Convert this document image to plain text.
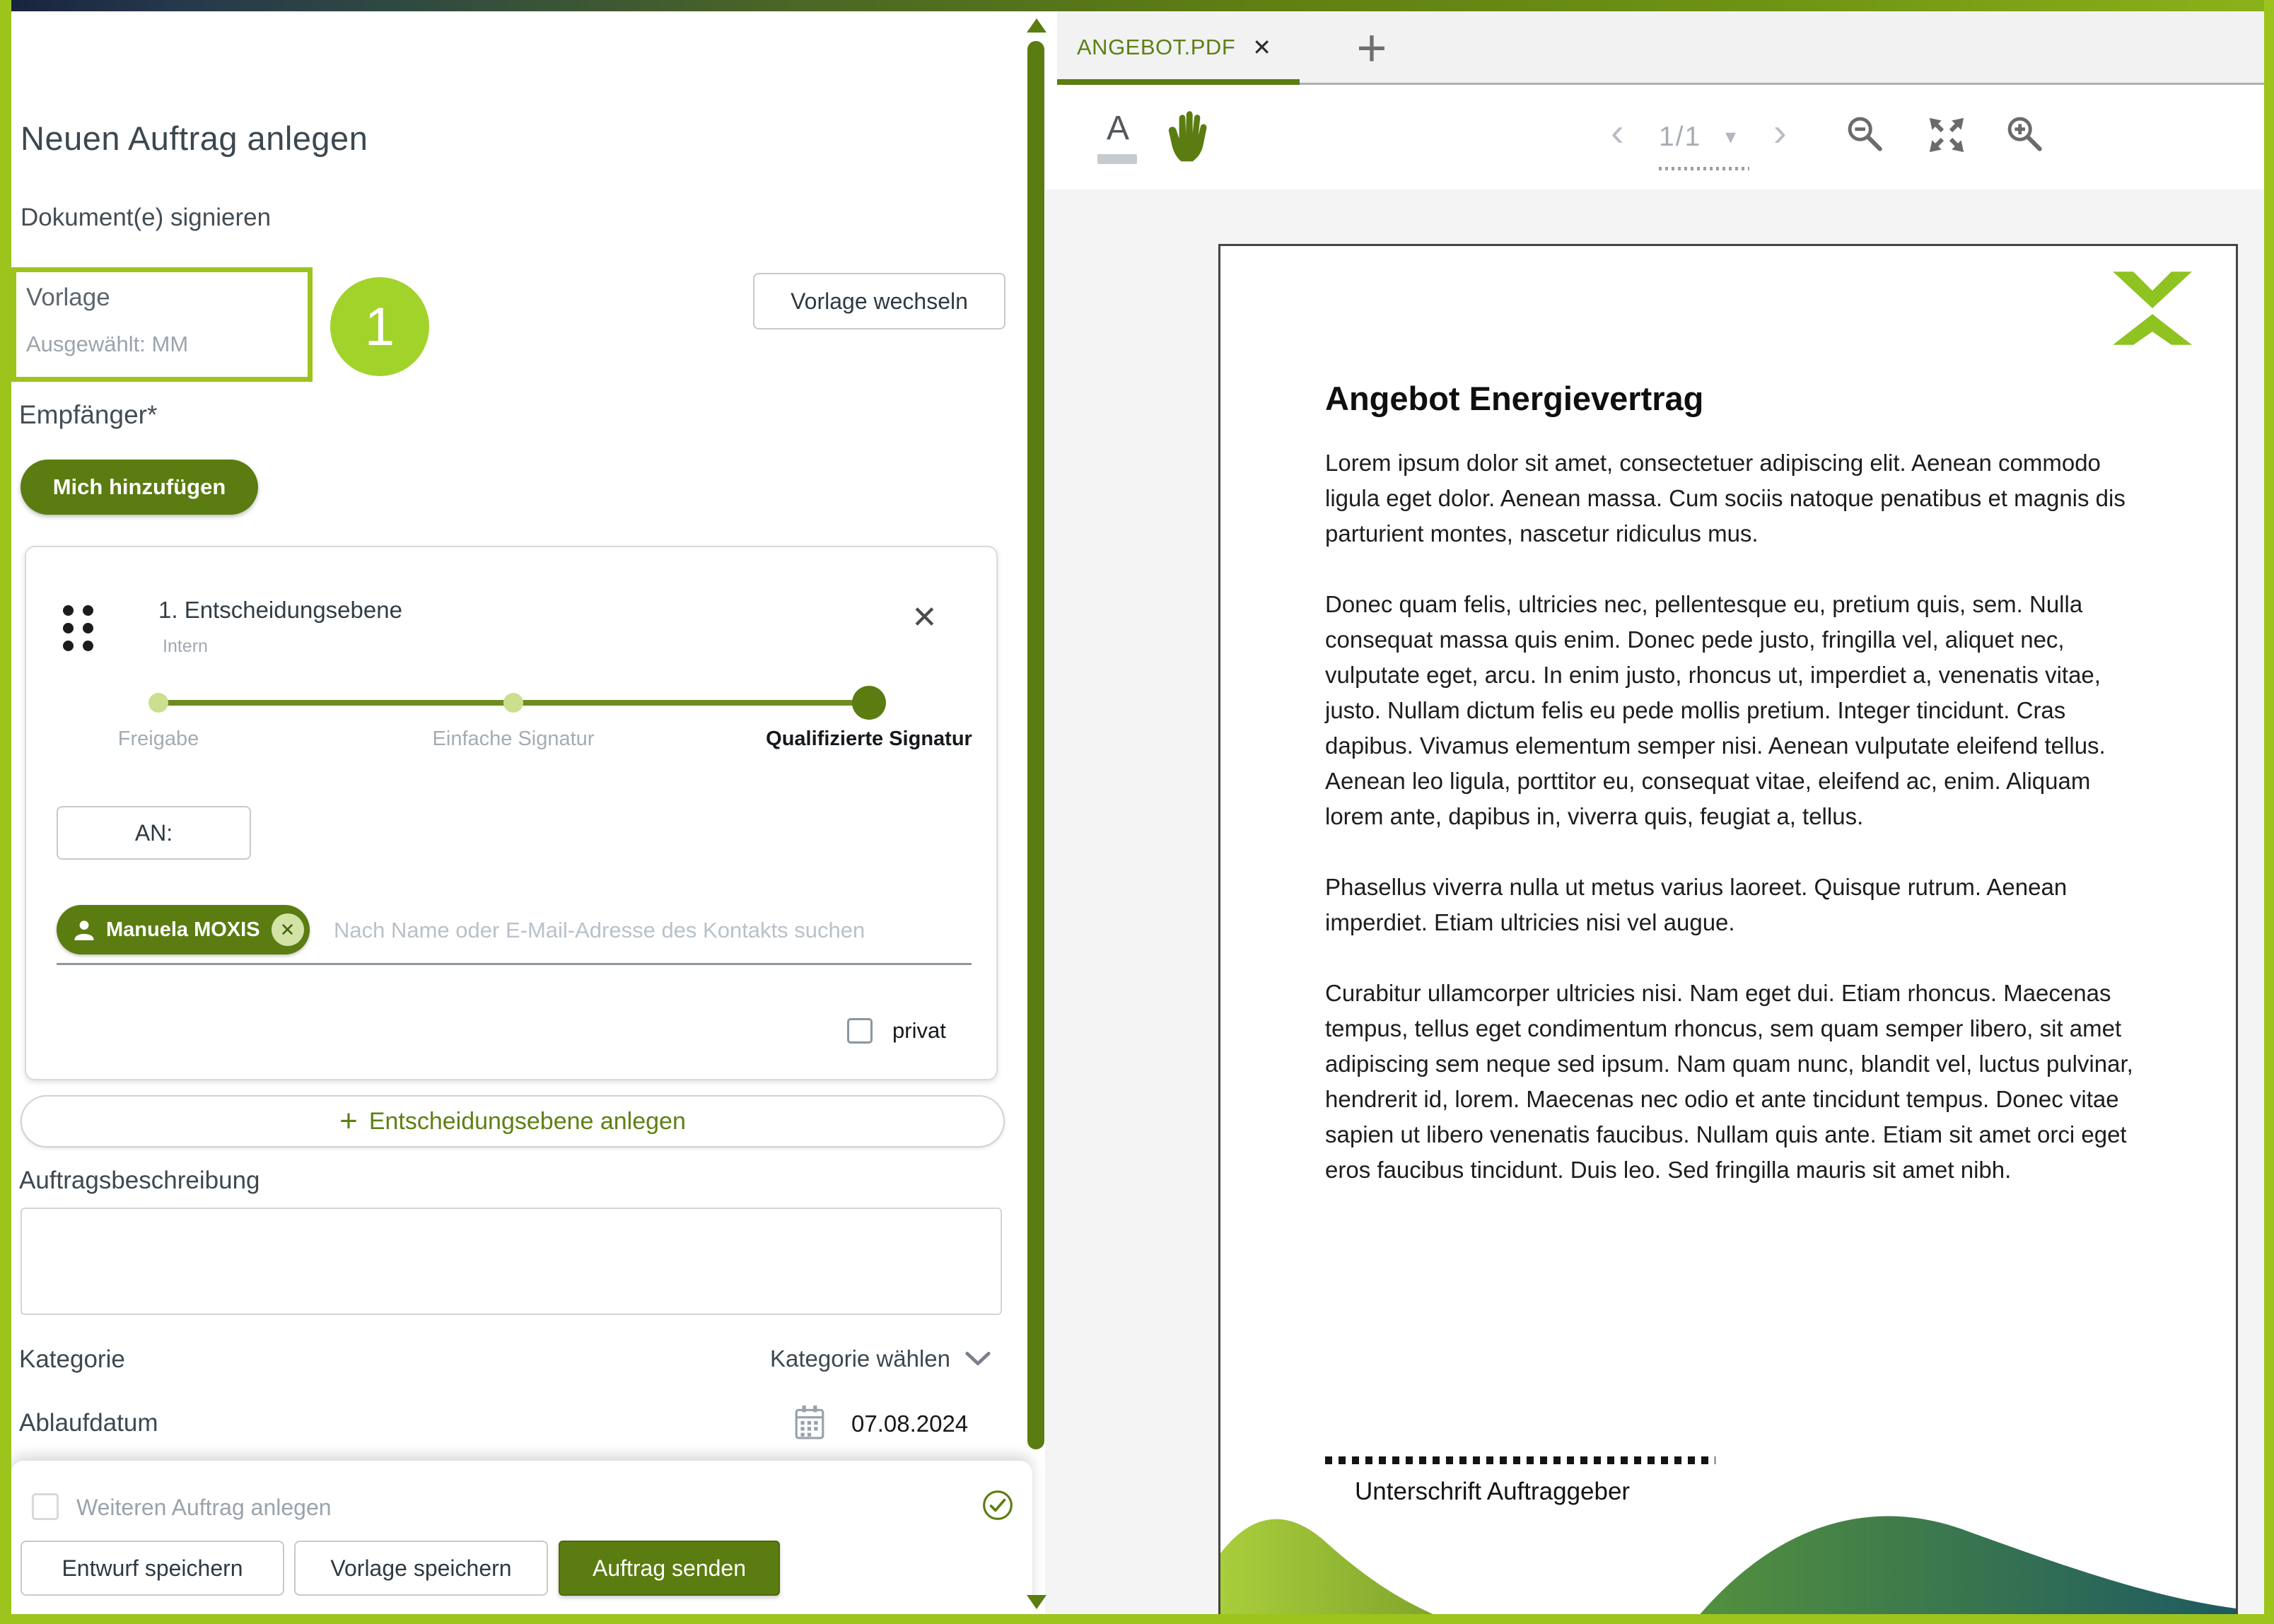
Neuen Auftrag anlegen
Dokument(e) signieren
Vorlage
Ausgewählt: MM	1	Vorlage wechseln
Empfänger*
Mich hinzufügen
1. Entscheidungsebene
Intern
✕
Freigabe	Einfache Signatur	Qualifizierte Signatur
AN:
Manuela MOXIS	✕
Nach Name oder E-Mail-Adresse des Kontakts suchen
privat
+ Entscheidungsebene anlegen
Auftragsbeschreibung
Kategorie	Kategorie wählen
Ablaufdatum	07.08.2024
Weiteren Auftrag anlegen
Entwurf speichern	Vorlage speichern	Auftrag senden
ANGEBOT.PDF ✕	+
A	‹ 1/1 ▾ ›
Angebot Energievertrag

Lorem ipsum dolor sit amet, consectetuer adipiscing elit. Aenean commodo ligula eget dolor. Aenean massa. Cum sociis natoque penatibus et magnis dis parturient montes, nascetur ridiculus mus.

Donec quam felis, ultricies nec, pellentesque eu, pretium quis, sem. Nulla consequat massa quis enim. Donec pede justo, fringilla vel, aliquet nec, vulputate eget, arcu. In enim justo, rhoncus ut, imperdiet a, venenatis vitae, justo. Nullam dictum felis eu pede mollis pretium. Integer tincidunt. Cras dapibus. Vivamus elementum semper nisi. Aenean vulputate eleifend tellus. Aenean leo ligula, porttitor eu, consequat vitae, eleifend ac, enim. Aliquam lorem ante, dapibus in, viverra quis, feugiat a, tellus.

Phasellus viverra nulla ut metus varius laoreet. Quisque rutrum. Aenean imperdiet. Etiam ultricies nisi vel augue.

Curabitur ullamcorper ultricies nisi. Nam eget dui. Etiam rhoncus. Maecenas tempus, tellus eget condimentum rhoncus, sem quam semper libero, sit amet adipiscing sem neque sed ipsum. Nam quam nunc, blandit vel, luctus pulvinar, hendrerit id, lorem. Maecenas nec odio et ante tincidunt tempus. Donec vitae sapien ut libero venenatis faucibus. Nullam quis ante. Etiam sit amet orci eget eros faucibus tincidunt. Duis leo. Sed fringilla mauris sit amet nibh.

Unterschrift Auftraggeber
